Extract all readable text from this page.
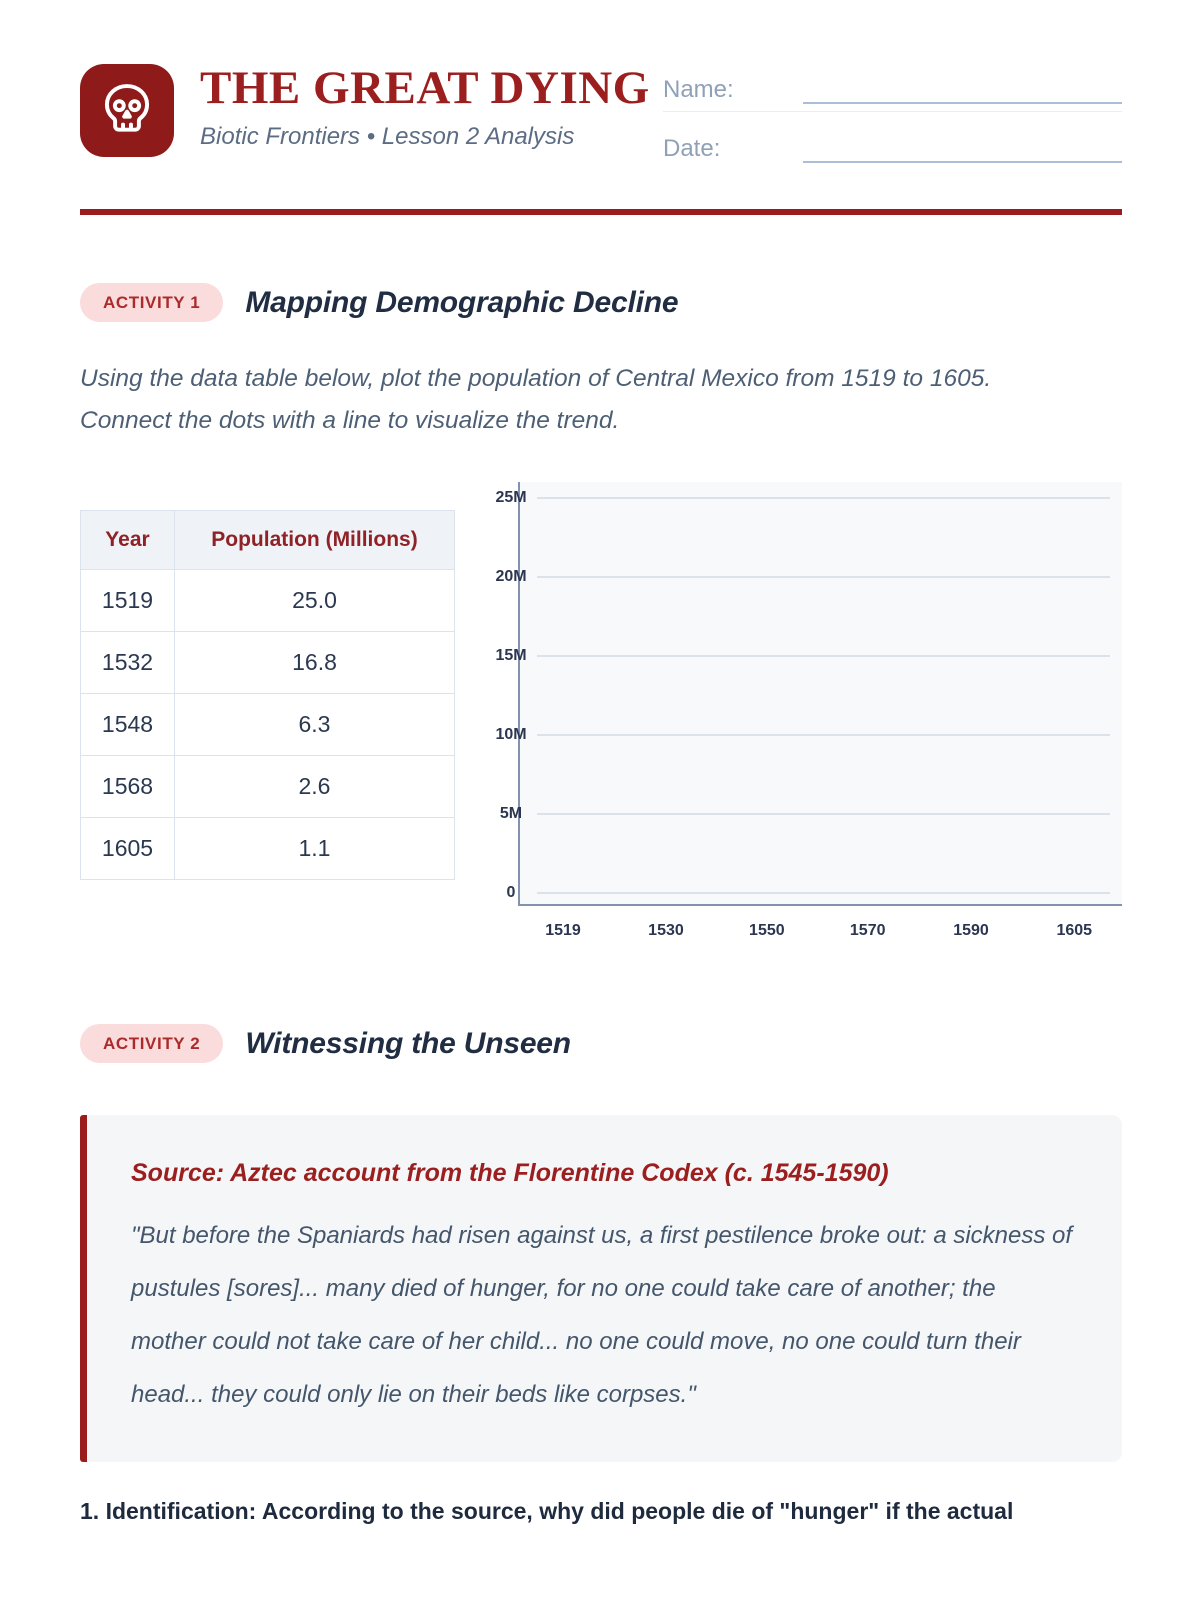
THE GREAT DYING
Biotic Frontiers • Lesson 2 Analysis
Name:
Date:
ACTIVITY 1	Mapping Demographic Decline
Using the data table below, plot the population of Central Mexico from 1519 to 1605. Connect the dots with a line to visualize the trend.
Year	Population (Millions)
1519	25.0
1532	16.8
1548	6.3
1568	2.6
1605	1.1
25M
20M
15M
10M
5M
0
1519	1530	1550	1570	1590	1605
ACTIVITY 2	Witnessing the Unseen
Source: Aztec account from the Florentine Codex (c. 1545-1590)
"But before the Spaniards had risen against us, a first pestilence broke out: a sickness of pustules [sores]... many died of hunger, for no one could take care of another; the mother could not take care of her child... no one could move, no one could turn their head... they could only lie on their beds like corpses."
1. Identification: According to the source, why did people die of "hunger" if the actual
